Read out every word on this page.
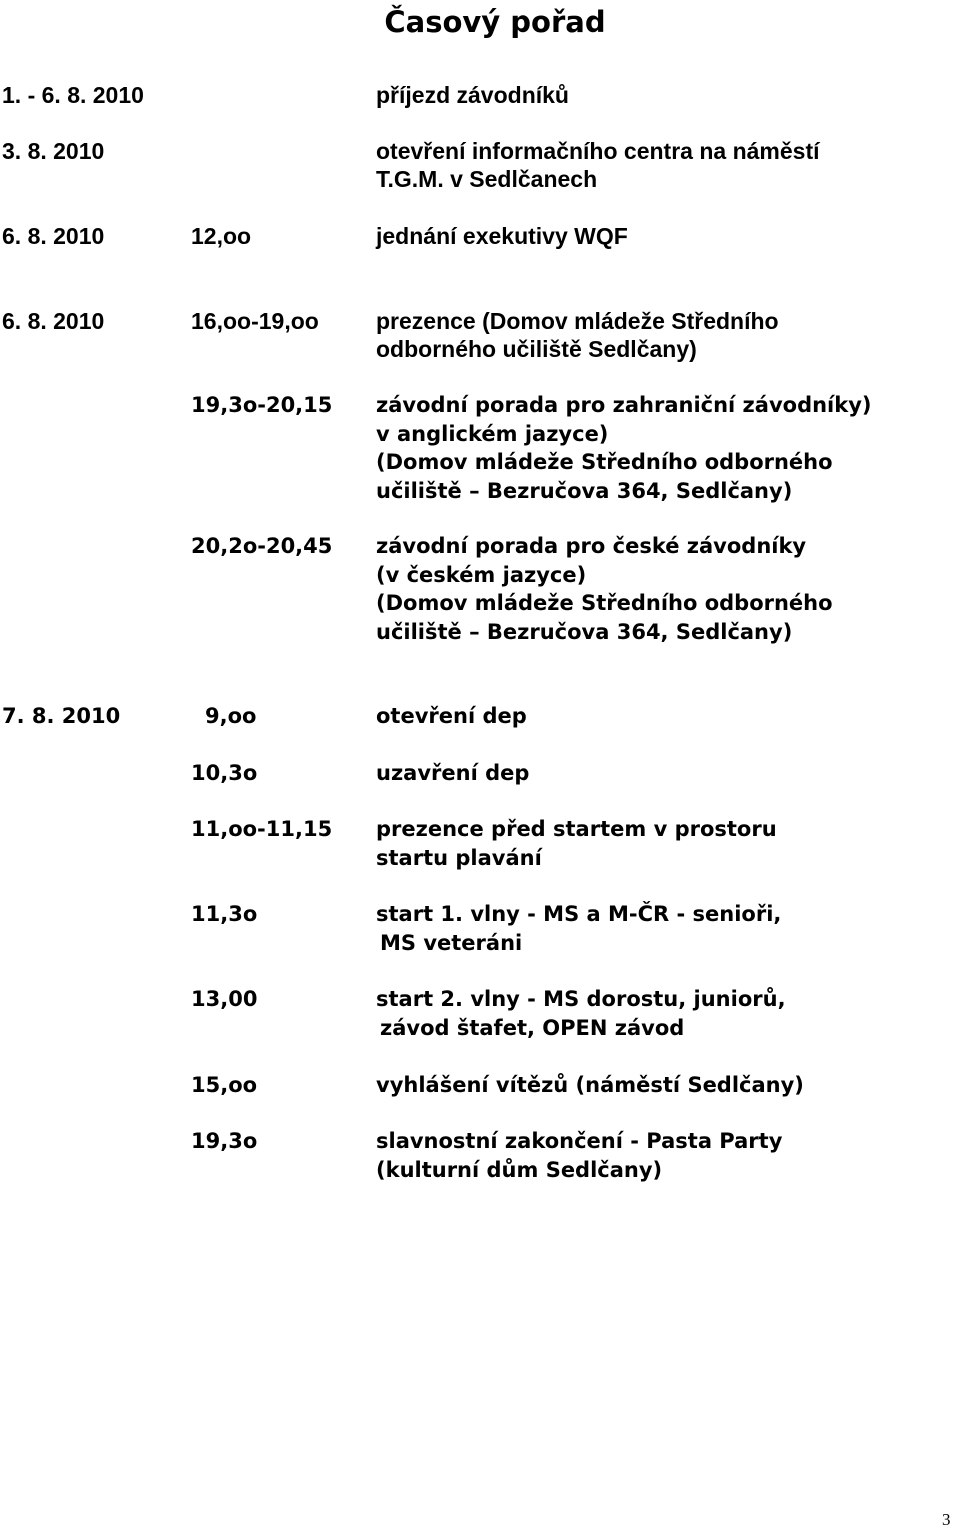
Časový pořad
1. - 6. 8. 2010	příjezd závodníků
3. 8. 2010	otevření informačního centra na náměstí
T.G.M. v Sedlčanech
6. 8. 2010	12,oo	jednání exekutivy WQF
6. 8. 2010	16,oo-19,oo prezence (Domov mládeže Středního
odborného učiliště Sedlčany)
19,3o-20,15 závodní porada pro zahraniční závodníky)
v anglickém jazyce)
(Domov mládeže Středního odborného
učiliště – Bezručova 364, Sedlčany)
20,2o-20,45 závodní porada pro české závodníky
(v českém jazyce)
(Domov mládeže Středního odborného
učiliště – Bezručova 364, Sedlčany)
7. 8. 2010	9,oo	otevření dep
10,3o	uzavření dep
11,oo-11,15 prezence před startem v prostoru
startu plavání
11,3o	start 1. vlny - MS a M-ČR - senioři,
MS veteráni
13,00	start 2. vlny - MS dorostu, juniorů,
závod štafet, OPEN závod
15,oo	vyhlášení vítězů (náměstí Sedlčany)
19,3o	slavnostní zakončení - Pasta Party
(kulturní dům Sedlčany)
3
